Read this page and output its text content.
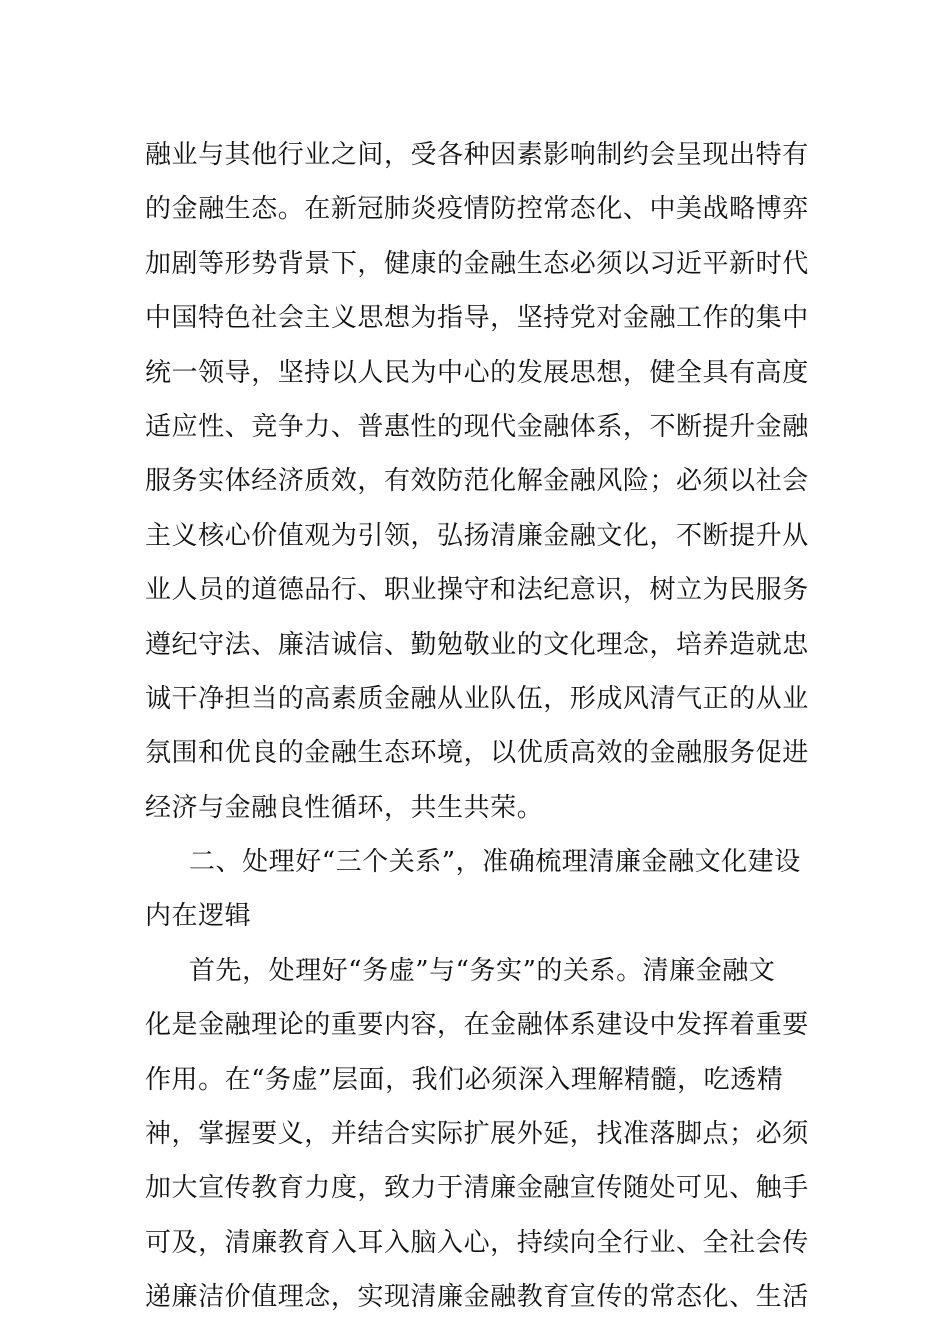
融业与其他行业之间，受各种因素影响制约会呈现出特有
的金融生态。在新冠肺炎疫情防控常态化、中美战略博弈
加剧等形势背景下，健康的金融生态必须以习近平新时代
中国特色社会主义思想为指导，坚持党对金融工作的集中
统一领导，坚持以人民为中心的发展思想，健全具有高度
适应性、竞争力、普惠性的现代金融体系，不断提升金融
服务实体经济质效，有效防范化解金融风险；必须以社会
主义核心价值观为引领，弘扬清廉金融文化，不断提升从
业人员的道德品行、职业操守和法纪意识，树立为民服务
遵纪守法、廉洁诚信、勤勉敬业的文化理念，培养造就忠
诚干净担当的高素质金融从业队伍，形成风清气正的从业
氛围和优良的金融生态环境，以优质高效的金融服务促进
经济与金融良性循环，共生共荣。
二、处理好“三个关系”，准确梳理清廉金融文化建设
内在逻辑
首先，处理好“务虚”与“务实”的关系。清廉金融文
化是金融理论的重要内容，在金融体系建设中发挥着重要
作用。在“务虚”层面，我们必须深入理解精髓，吃透精
神，掌握要义，并结合实际扩展外延，找准落脚点；必须
加大宣传教育力度，致力于清廉金融宣传随处可见、触手
可及，清廉教育入耳入脑入心，持续向全行业、全社会传
递廉洁价值理念，实现清廉金融教育宣传的常态化、生活
